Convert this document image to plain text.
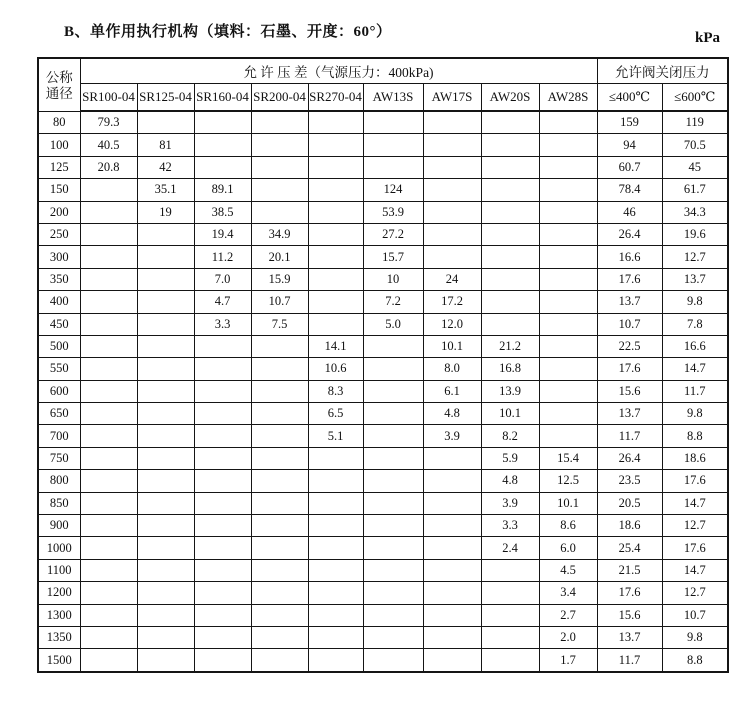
B、单作用执行机构（填料：石墨、开度：60°）	kPa
公称
通径	允 许 压 差（气源压力：400kPa)									允许阀关闭压力	
	SR100-04	SR125-04	SR160-04	SR200-04	SR270-04	AW13S	AW17S	AW20S	AW28S	≤400℃	≤600℃
80	79.3									159	119
100	40.5	81								94	70.5
125	20.8	42								60.7	45
150		35.1	89.1			124				78.4	61.7
200		19	38.5			53.9				46	34.3
250			19.4	34.9		27.2				26.4	19.6
300			11.2	20.1		15.7				16.6	12.7
350			7.0	15.9		10	24			17.6	13.7
400			4.7	10.7		7.2	17.2			13.7	9.8
450			3.3	7.5		5.0	12.0			10.7	7.8
500					14.1		10.1	21.2		22.5	16.6
550					10.6		8.0	16.8		17.6	14.7
600					8.3		6.1	13.9		15.6	11.7
650					6.5		4.8	10.1		13.7	9.8
700					5.1		3.9	8.2		11.7	8.8
750								5.9	15.4	26.4	18.6
800								4.8	12.5	23.5	17.6
850								3.9	10.1	20.5	14.7
900								3.3	8.6	18.6	12.7
1000								2.4	6.0	25.4	17.6
1100									4.5	21.5	14.7
1200									3.4	17.6	12.7
1300									2.7	15.6	10.7
1350									2.0	13.7	9.8
1500									1.7	11.7	8.8
